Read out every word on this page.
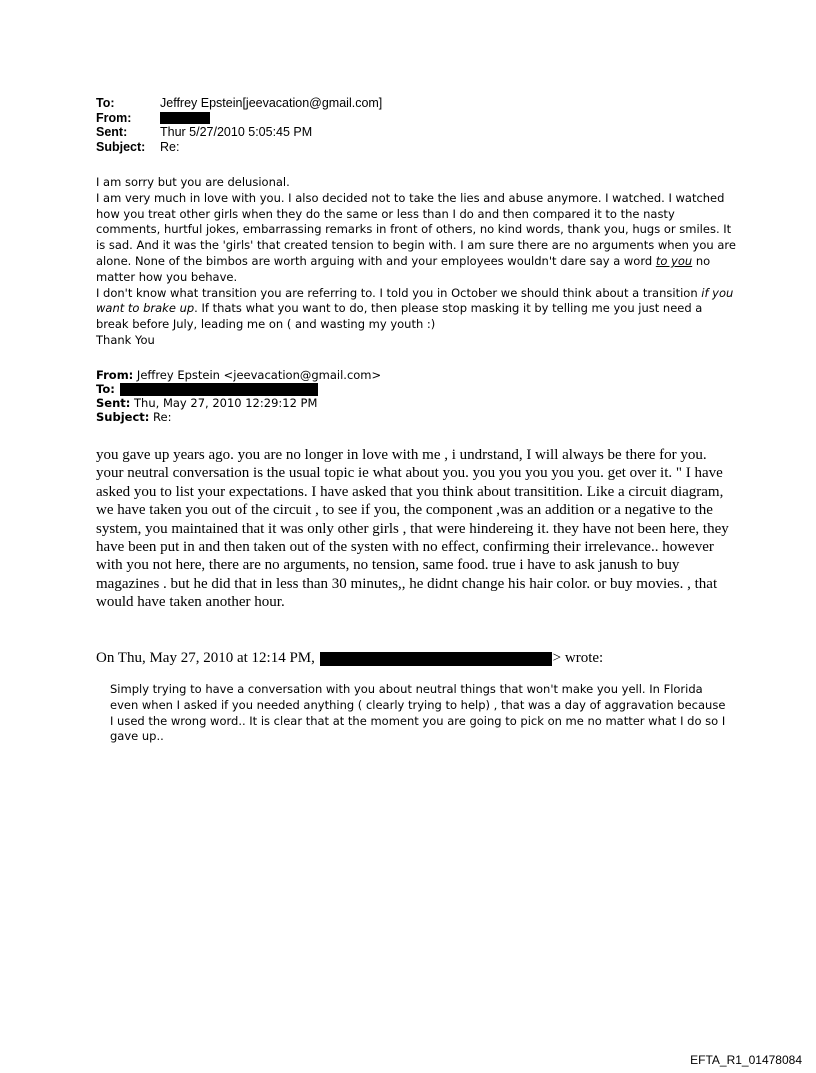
To:	Jeffrey Epstein[jeevacation@gmail.com]
From:
Sent:	Thur 5/27/2010 5:05:45 PM
Subject:	Re:

I am sorry but you are delusional.

I am very much in love with you. I also decided not to take the lies and abuse anymore. I watched. I watched how you treat other girls when they do the same or less than I do and then compared it to the nasty comments, hurtful jokes, embarrassing remarks in front of others, no kind words, thank you, hugs or smiles. It is sad. And it was the 'girls' that created tension to begin with. I am sure there are no arguments when you are alone. None of the bimbos are worth arguing with and your employees wouldn't dare say a word to you no matter how you behave.

I don't know what transition you are referring to. I told you in October we should think about a transition if you want to brake up. If thats what you want to do, then please stop masking it by telling me you just need a break before July, leading me on ( and wasting my youth :)

Thank You

From: Jeffrey Epstein <jeevacation@gmail.com>
To:
Sent: Thu, May 27, 2010 12:29:12 PM
Subject: Re:

you gave up years ago. you are no longer in love with me , i undrstand, I will always be there for you. your neutral conversation is the usual topic ie what about you. you you you you you. get over it. " I have asked you to list your expectations. I have asked that you think about transitition. Like a circuit diagram, we have taken you out of the circuit , to see if you, the component ,was an addition or a negative to the system, you maintained that it was only other girls , that were hindereing it. they have not been here, they have been put in and then taken out of the systen with no effect, confirming their irrelevance.. however with you not here, there are no arguments, no tension, same food. true i have to ask janush to buy magazines . but he did that in less than 30 minutes,, he didnt change his hair color. or buy movies. , that would have taken another hour.

On Thu, May 27, 2010 at 12:14 PM,	> wrote:

Simply trying to have a conversation with you about neutral things that won't make you yell. In Florida even when I asked if you needed anything ( clearly trying to help) , that was a day of aggravation because I used the wrong word.. It is clear that at the moment you are going to pick on me no matter what I do so I gave up..

EFTA_R1_01478084
